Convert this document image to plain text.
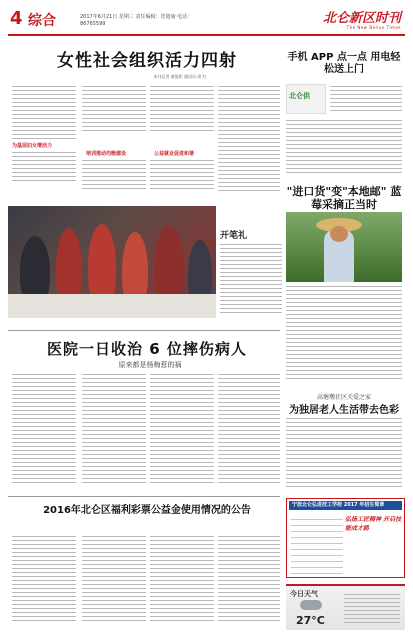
4 综合	2017年6月21日 星期三 责任编辑：管楚瑜 电话：86765599	北仑新区时刊
The New Beilun Times
女性社会组织活力四射
本刊记者 唐俊彩 通讯员 周 红
为基层妇女增活力
培训推动均衡建设	公益就业促进和谐
手机 APP 点一点 用电轻松送上门
北仑供
"进口货"变"本地邮" 蓝莓采摘正当时
开笔礼
医院一日收治 6 位摔伤病人
原来都是杨梅惹的祸
高塘墩社区关爱之家
为独居老人生活带去色彩
2016年北仑区福利彩票公益金使用情况的公告	宁波北仑弘进技工学校 2017 年招生简章
弘扬工匠精神 开启技能成才路
今日天气
27°C
